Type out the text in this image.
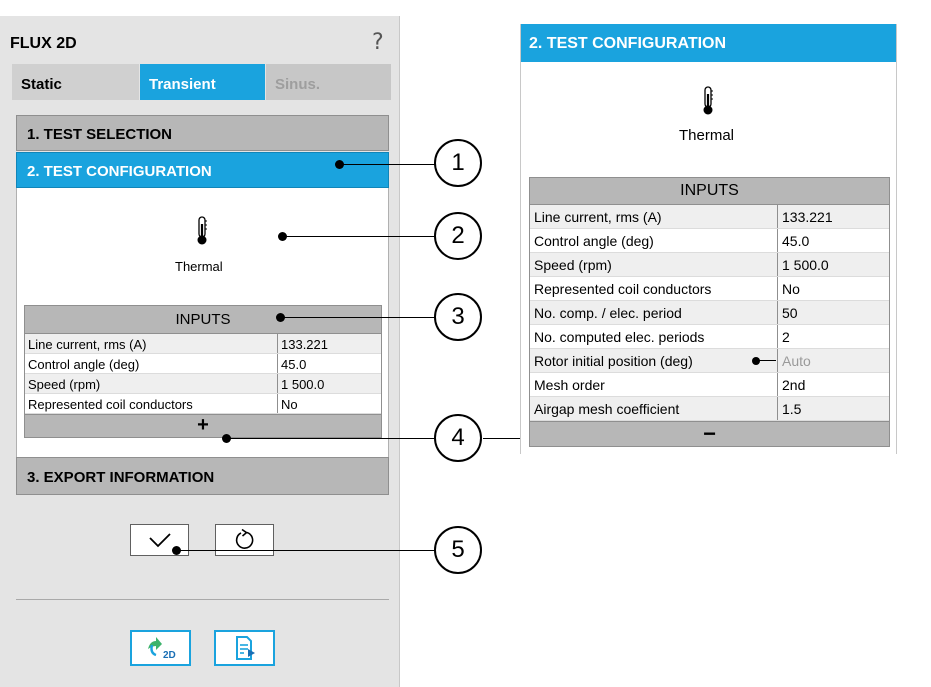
FLUX 2D	?
Static	Transient	Sinus.
1. TEST SELECTION
2. TEST CONFIGURATION
Thermal
INPUTS
Line current, rms (A)	133.221
Control angle (deg)	45.0
Speed (rpm)	1 500.0
Represented coil conductors	No
+
3. EXPORT INFORMATION
2D
1
2
3
4
5
2. TEST CONFIGURATION
Thermal
INPUTS
Line current, rms (A)	133.221
Control angle (deg)	45.0
Speed (rpm)	1 500.0
Represented coil conductors	No
No. comp. / elec. period	50
No. computed elec. periods	2
Rotor initial position (deg)	Auto
Mesh order	2nd
Airgap mesh coefficient	1.5
−
